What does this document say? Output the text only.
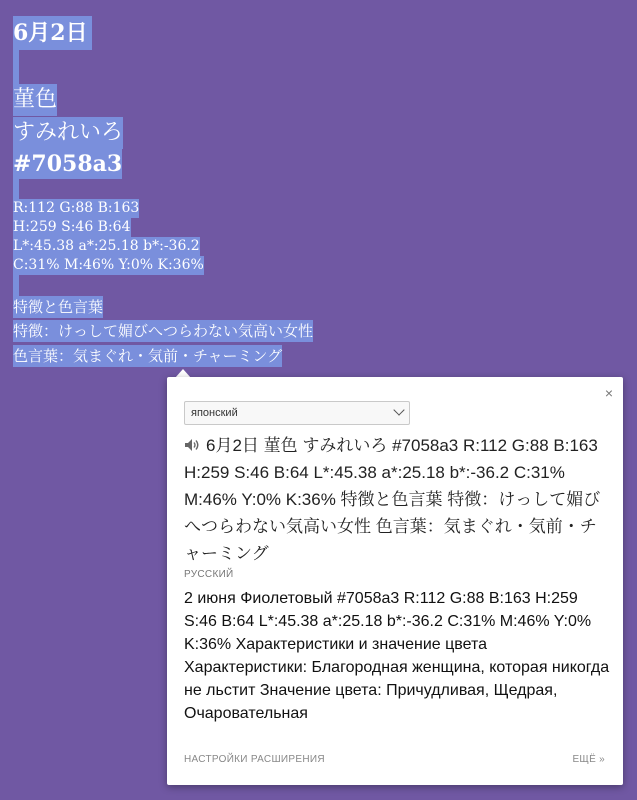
6月2日
菫色
すみれいろ
#7058a3
R:112 G:88 B:163
H:259 S:46 B:64
L*:45.38 a*:25.18 b*:-36.2
C:31% M:46% Y:0% K:36%
特徴と色言葉
特徴：けっして媚びへつらわない気高い女性
色言葉：気まぐれ・気前・チャーミング
×
японский
6月2日 菫色 すみれいろ #7058a3 R:112 G:88 B:163 H:259 S:46 B:64 L*:45.38 a*:25.18 b*:-36.2 C:31% M:46% Y:0% K:36% 特徴と色言葉 特徴：けっして媚びへつらわない気高い女性 色言葉：気まぐれ・気前・チャーミング
РУССКИЙ
2 июня Фиолетовый #7058a3 R:112 G:88 B:163 H:259 S:46 B:64 L*:45.38 a*:25.18 b*:-36.2 C:31% M:46% Y:0% K:36% Характеристики и значение цвета Характеристики: Благородная женщина, которая никогда не льстит Значение цвета: Причудливая, Щедрая, Очаровательная
НАСТРОЙКИ РАСШИРЕНИЯ	ЕЩЁ »
